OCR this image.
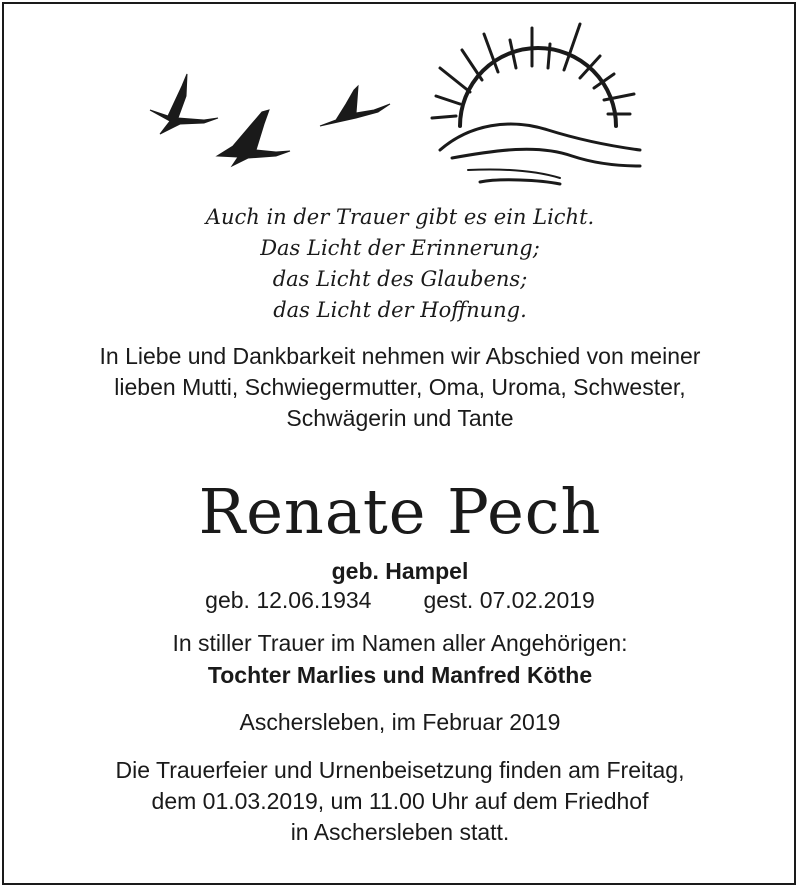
Auch in der Trauer gibt es ein Licht.
Das Licht der Erinnerung;
das Licht des Glaubens;
das Licht der Hoffnung.
In Liebe und Dankbarkeit nehmen wir Abschied von meiner
lieben Mutti, Schwiegermutter, Oma, Uroma, Schwester,
Schwägerin und Tante
Renate Pech
geb. Hampel
geb. 12.06.1934 gest. 07.02.2019
In stiller Trauer im Namen aller Angehörigen:
Tochter Marlies und Manfred Köthe
Aschersleben, im Februar 2019
Die Trauerfeier und Urnenbeisetzung finden am Freitag,
dem 01.03.2019, um 11.00 Uhr auf dem Friedhof
in Aschersleben statt.
